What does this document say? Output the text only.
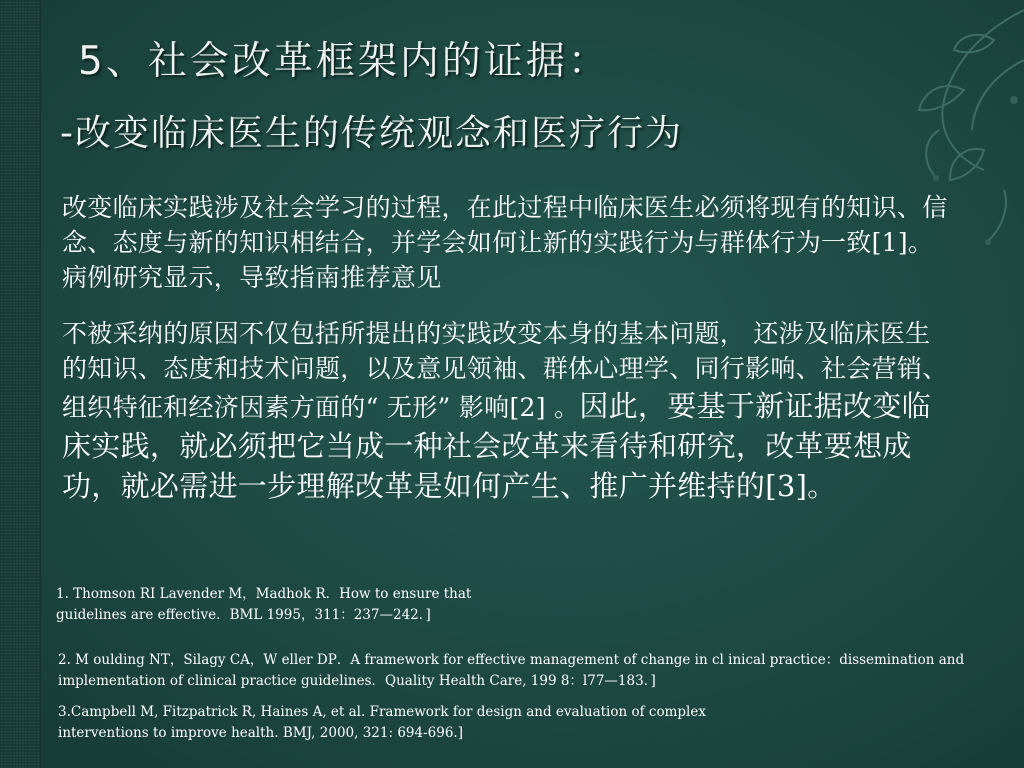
5、社会改革框架内的证据：
-改变临床医生的传统观念和医疗行为
改变临床实践涉及社会学习的过程，在此过程中临床医生必须将现有的知识、信念、态度与新的知识相结合，并学会如何让新的实践行为与群体行为一致[1]。病例研究显示，导致指南推荐意见
不被采纳的原因不仅包括所提出的实践改变本身的基本问题， 还涉及临床医生的知识、态度和技术问题，以及意见领袖、群体心理学、同行影响、社会营销、组织特征和经济因素方面的“ 无形” 影响[2] 。因此，要基于新证据改变临床实践，就必须把它当成一种社会改革来看待和研究，改革要想成功，就必需进一步理解改革是如何产生、推广并维持的[3]。
1. Thomson RI Lavender M，Madhok R．How to ensure that guidelines are effective．BML 1995，311：237—242．]
2. M oulding NT，Silagy CA，W eller DP．A framework for effective management of change in cl inical practice：dissemination and implementation of clinical practice guidelines．Quality Health Care, 199 8：l77—183．]
3.Campbell M, Fitzpatrick R, Haines A, et al. Framework for design and evaluation of complex interventions to improve health. BMJ, 2000, 321: 694-696.]
